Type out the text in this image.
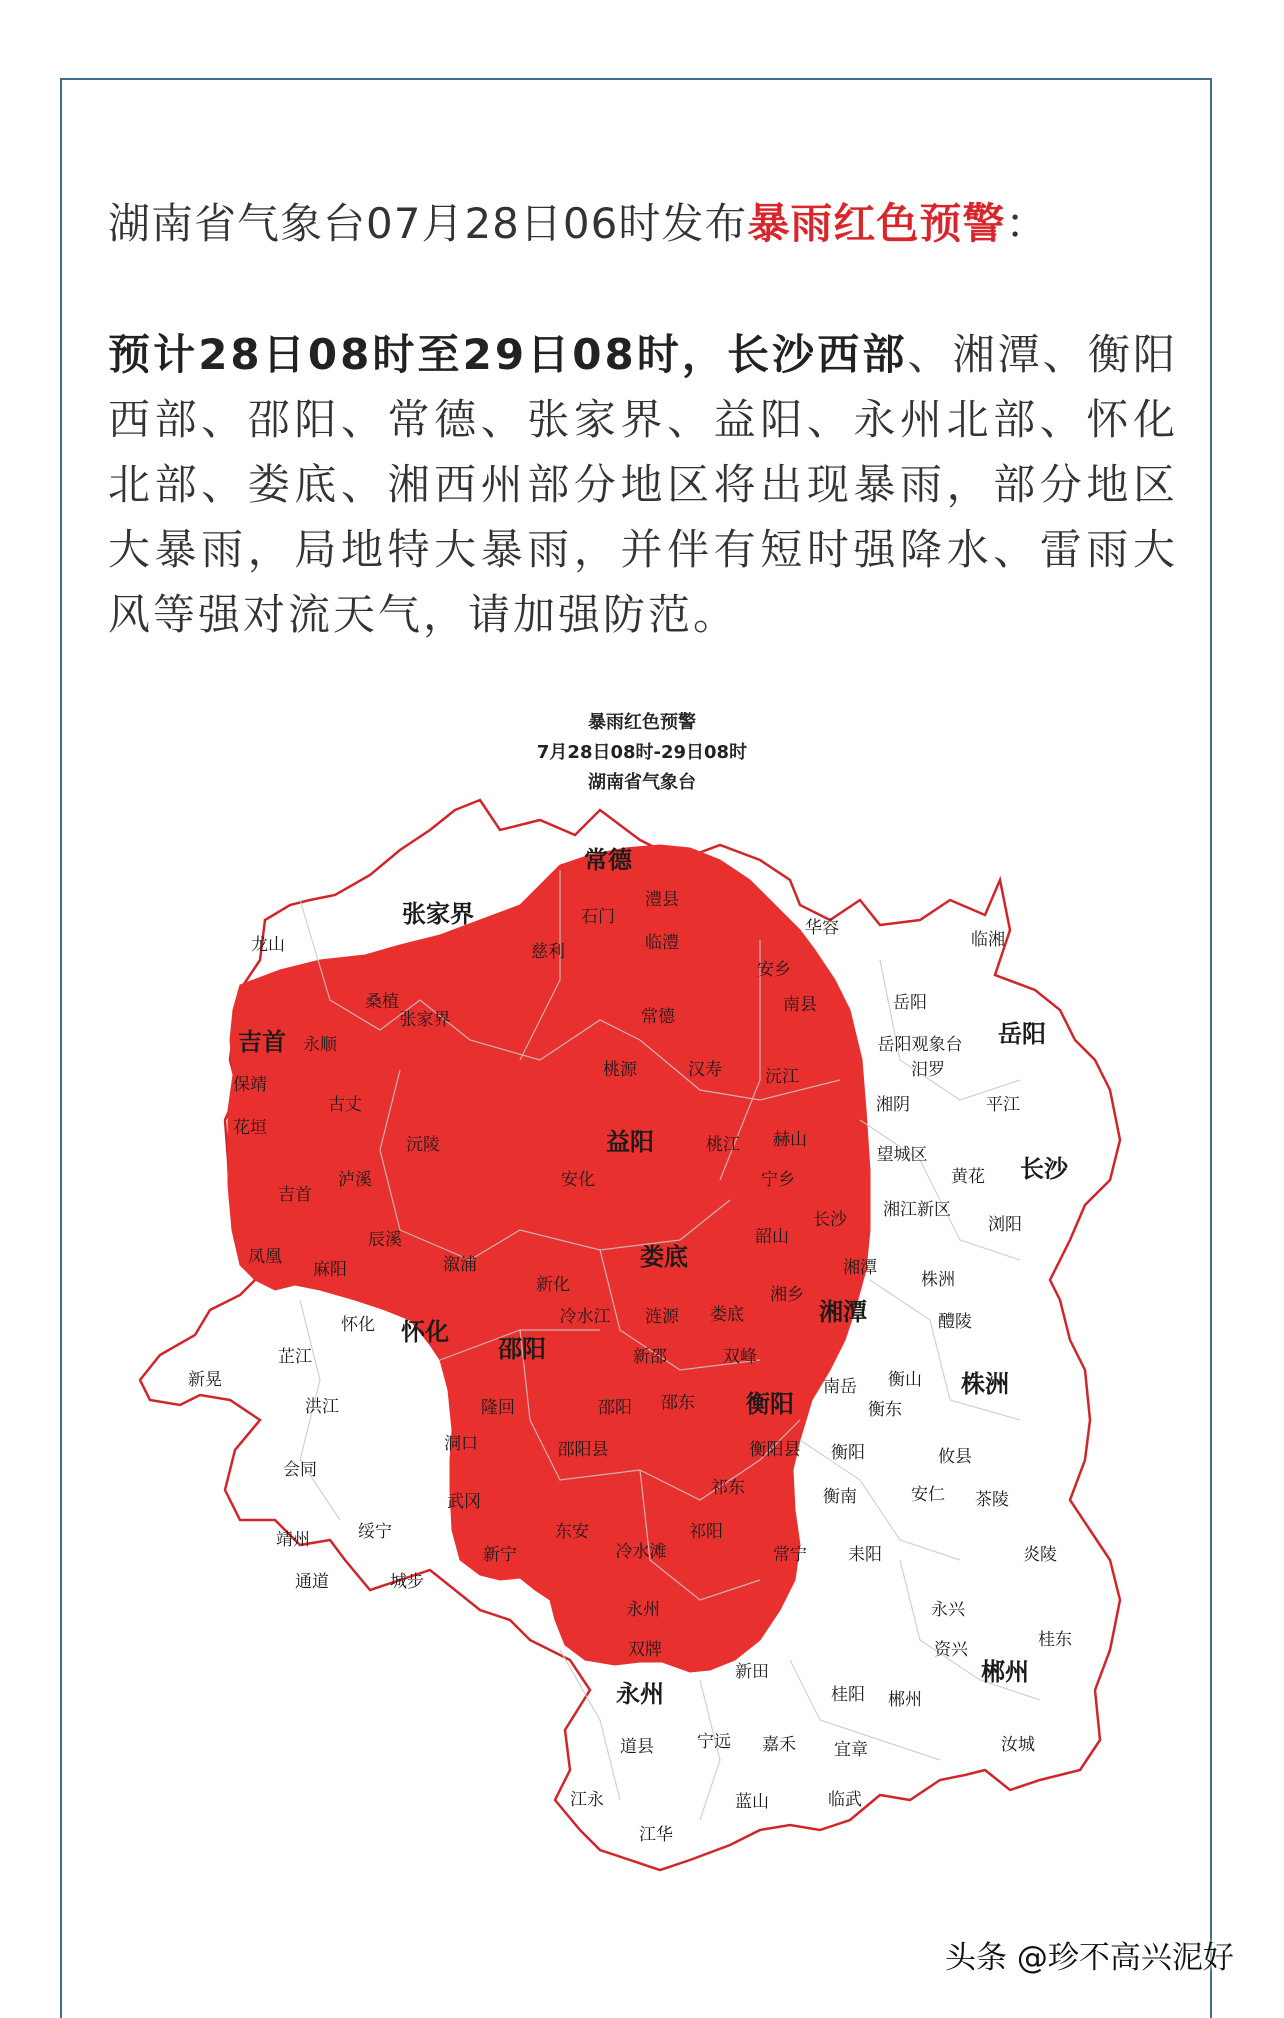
湖南省气象台07月28日06时发布暴雨红色预警：
预计28日08时至29日08时，长沙西部、湘潭、衡阳西部、邵阳、常德、张家界、益阳、永州北部、怀化北部、娄底、湘西州部分地区将出现暴雨，部分地区大暴雨，局地特大暴雨，并伴有短时强降水、雷雨大风等强对流天气，请加强防范。
暴雨红色预警
7月28日08时-29日08时
湖南省气象台
常德
澧县
石门
临澧
张家界
龙山
桑植
慈利
华容
临湘
安乡
南县	岳阳
岳阳观象台 岳阳
吉首 永顺
张家界	常德
桃源	汉寿	沅江	汨罗
保靖
古丈	湘阴	平江
花垣
沅陵	益阳	桃江 赫山
望城区
泸溪	安化	宁乡	黄花 长沙
吉首
长沙 湘江新区
浏阳
凤凰
麻阳
辰溪
溆浦	娄底
韶山
湘潭
株洲
新化	湘乡
怀化 怀化
冷水江 涟源 娄底	湘潭	醴陵
芷江	邵阳	新邵	双峰
新晃	南岳 衡山 株洲
洪江	隆回	邵阳 邵东 衡阳	衡东
洞口	邵阳县	衡阳县 衡阳	攸县
会同
祁东	衡南	安仁 茶陵
武冈
绥宁
靖州	东安	祁阳
新宁	冷水滩	常宁 耒阳	炎陵
通道	城步
永州	永兴
双牌	资兴	桂东
新田	郴州
永州	桂阳 郴州
道县	宁远 嘉禾	汝城
宜章
蓝山	临武
江永
江华
头条 @珍不高兴泥好
